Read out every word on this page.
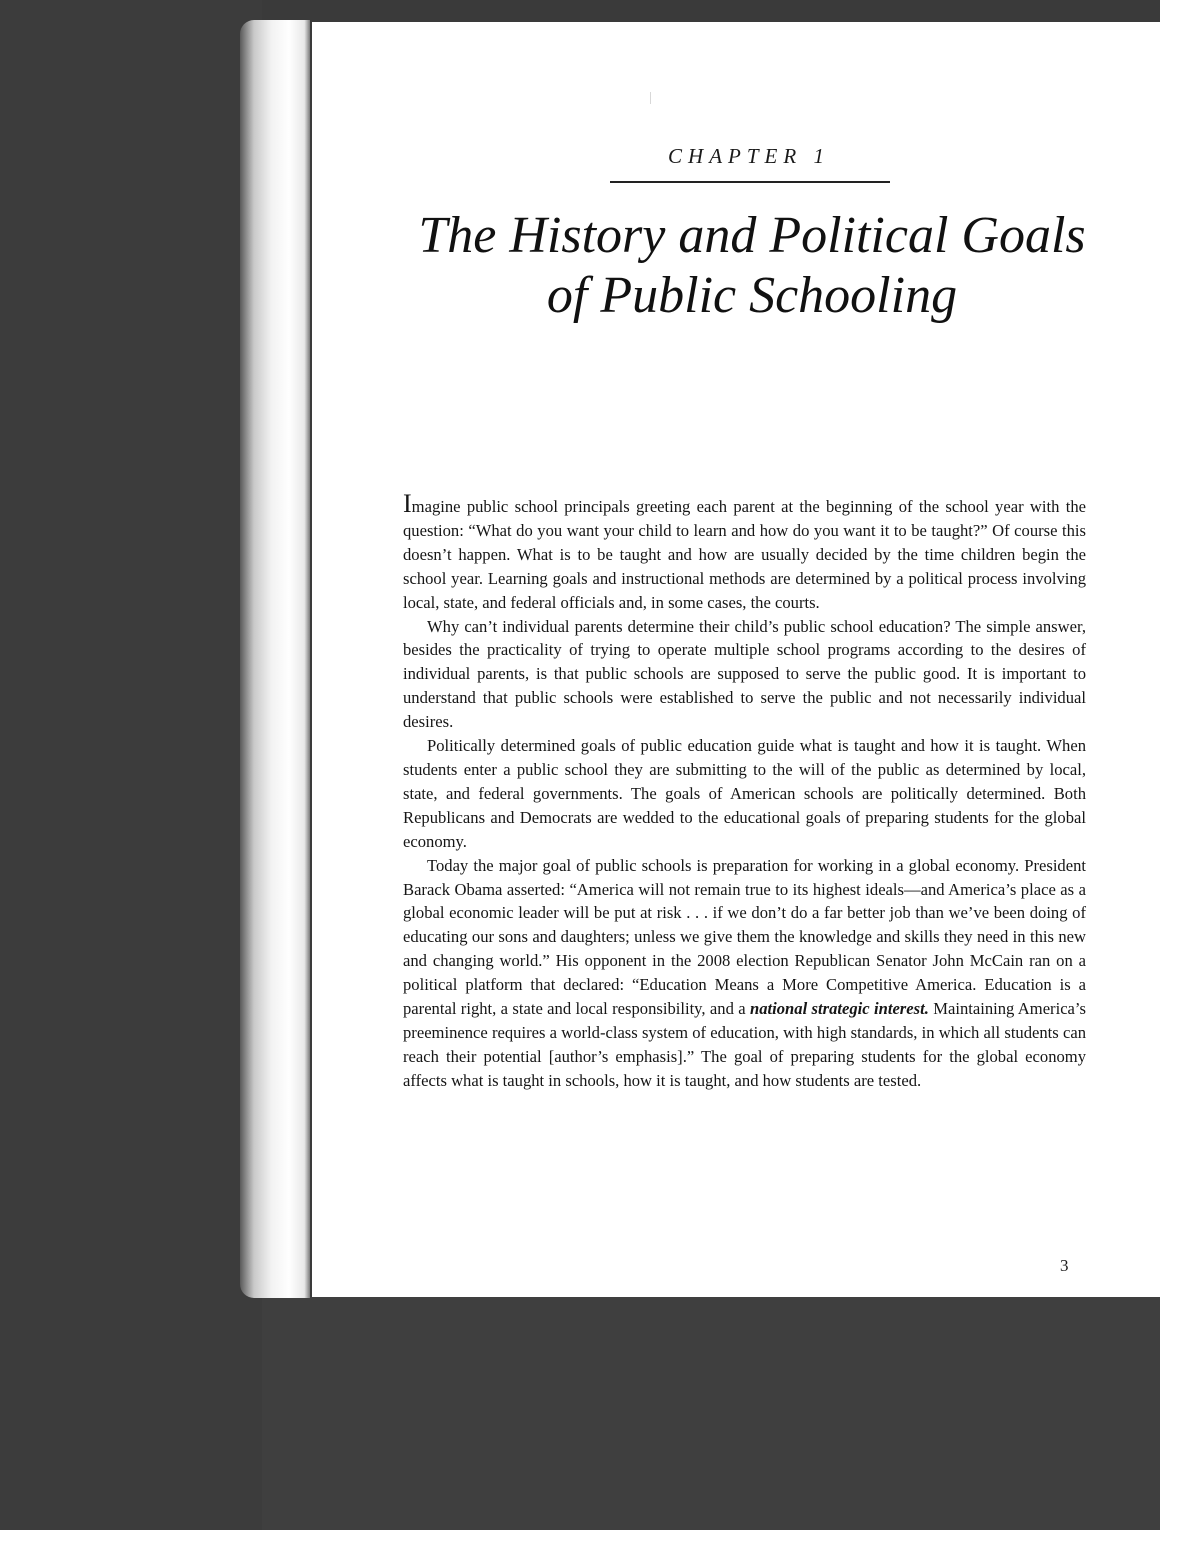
CHAPTER 1
The History and Political Goals
of Public Schooling

Imagine public school principals greeting each parent at the beginning of the school year with the question: “What do you want your child to learn and how do you want it to be taught?” Of course this doesn’t happen. What is to be taught and how are usually decided by the time children begin the school year. Learning goals and instructional methods are determined by a political process involving local, state, and federal officials and, in some cases, the courts.

Why can’t individual parents determine their child’s public school education? The simple answer, besides the practicality of trying to operate multiple school programs according to the desires of individual parents, is that public schools are supposed to serve the public good. It is important to understand that public schools were established to serve the public and not necessarily individual desires.

Politically determined goals of public education guide what is taught and how it is taught. When students enter a public school they are submitting to the will of the public as determined by local, state, and federal governments. The goals of American schools are politically determined. Both Republicans and Democrats are wedded to the educational goals of preparing students for the global economy.

Today the major goal of public schools is preparation for working in a global economy. President Barack Obama asserted: “America will not remain true to its highest ideals—and America’s place as a global economic leader will be put at risk . . . if we don’t do a far better job than we’ve been doing of educating our sons and daughters; unless we give them the knowledge and skills they need in this new and changing world.” His opponent in the 2008 election Republican Senator John McCain ran on a political platform that declared: “Education Means a More Competitive America. Education is a parental right, a state and local responsibility, and a national strategic interest. Maintaining America’s preeminence requires a world-class system of education, with high standards, in which all students can reach their potential [author’s emphasis].” The goal of preparing students for the global economy affects what is taught in schools, how it is taught, and how students are tested.

3
